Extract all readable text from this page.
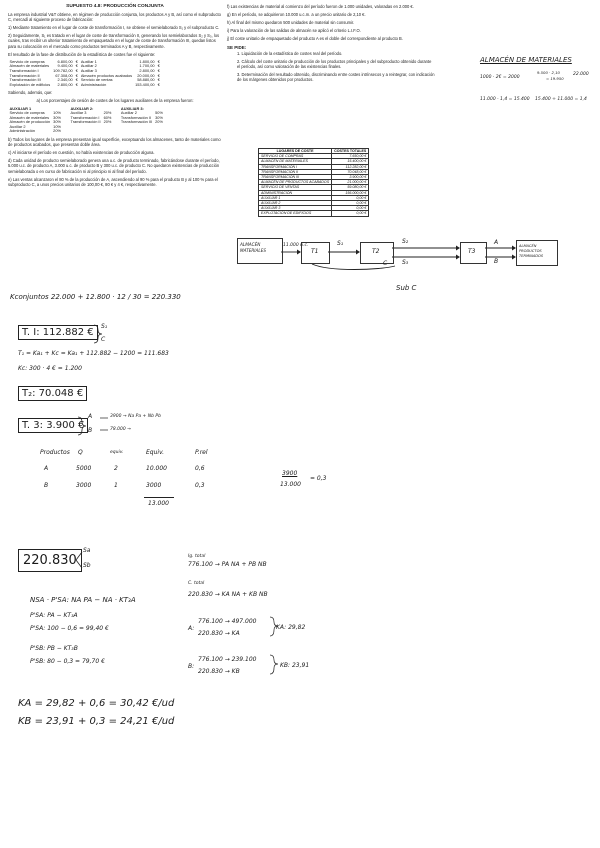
SUPUESTO 4.8: PRODUCCIÓN CONJUNTA

La empresa industrial V&T obtiene, en régimen de producción conjunta, los productos A y B, así como el subproducto C, mercadí al siguiente proceso de fabricación:

1) Mediante tratamiento en el lugar de coste de transformación I, se obtiene el semielaborado S₁ y el subproducto C.

2) Seguidamente, S₁ es tratado en el lugar de coste de transformación II, generando los semielaborados S₂ y S₃, los cuales, tras recibir un ulterior tratamiento de empaquetado en el lugar de coste de transformación III, quedan listos para su colocación en el mercado como productos terminados A y B, respectivamente.

El resultado de la fase de distribución de la estadística de costes fue el siguiente:

Servicio de compras	6.800,00	€	Auxiliar 1	1.800,00	€
Almacén de materiales	9.400,00	€	Auxiliar 2	1.700,00	€
Transformación I	109.782,00	€	Auxiliar 3	2.800,00	€
Transformación II	67.308,00	€	Almacén productos acabados	20.000,00	€
Transformación III	2.340,00	€	Servicio de ventas	58.880,00	€
Explotación de edificios	2.800,00	€	Administración	153.400,00	€

Sabiendo, además, que:

a) Los porcentajes de cesión de costes de los lugares auxiliares de la empresa fueron:

AUXILIAR 1		AUXILIAR 2:		AUXILIAR 3:	
Servicio de compras	10%	Auxiliar 3	20%	Auxiliar 2	50%
Almacén de materiales	30%	Transformación I	60%	Transformación II	30%
Almacén de producción	30%	Transformación II	20%	Transformación III	20%
Auxiliar 2	10%				
Administración	20%				

b) Todos los lugares de la empresa presentan igual superficie, exceptuando los almacenes, tanto de materiales como de productos acabados, que presentan doble área.

c) Al iniciarse el período en cuestión, no había existencias de producción alguna.

d) Cada unidad de producto semielaborado genera una u.c. de producto terminado, fabricándose durante el período, 5.000 u.c. de producto A, 3.000 u.c. de producto B y 300 u.c. de producto C. No quedaron existencias de producción semielaborada o en curso de fabricación ni al principio ni al final del período.

e) Las ventas alcanzaron el 80 % de la producción de A, ascendiendo al 90 % para el producto B y al 100 % para el subproducto C, a unos precios unitarios de 100,00 €, 80 € y 4 €, respectivamente.

f) Las existencias de material al comienzo del período fueron de 1.000 unidades, valoradas en 2.000 €.

g) En el período, se adquirieron 10.000 u.c.m. a un precio unitario de 2,10 €.

h) Al final del mismo quedaron 500 unidades de material sin consumir.

i) Para la valoración de las salidas de almacén se aplicó el criterio L.I.F.O.

j) El coste unitario de empaquetado del producto A es el doble del correspondiente al producto B.

SE PIDE:

1. Liquidación de la estadística de costes real del período.

2. Cálculo del coste unitario de producción de los productos principales y del subproducto obtenido durante el período, así como valoración de las existencias finales.

3. Determinación del resultado obtenido, discriminando entre costes intrínsecos y a reintegrar, con indicación de los márgenes obtenidos por productos.

LUGARES DE COSTE	COSTES TOTALES
SERVICIO DE COMPRAS	7.650,00 €
ALMACÉN DE MATERIALES	15.400,00 €
TRANSFORMACIÓN I	112.282,00 €
TRANSFORMACIÓN II	70.048,00 €
TRANSFORMACIÓN III	3.900,00 €
ALMACÉN DE PRODUCTOS ACABADOS	21.000,00 €
SERVICIO DE VENTAS	59.080,00 €
ADMINISTRACIÓN	156.000,00 €
AUXILIAR 1	0,00 €
AUXILIAR 2	0,00 €
AUXILIAR 3	0,00 €
EXPLOTACIÓN DE EDIFICIOS	0,00 €
ALMACÉN DE MATERIALES
1000 · 2€ = 2000
9.500 · 2,10
= 19.950
22.000
11.000 · 1,4 = 15.400 15.400 ÷ 11.000 = 1,4
ALMACÉN MATERIALES
11.000 u.c.
T1
S₁
T2
S₂
S₃
T3
A
B
ALMACÉN PRODUCTOS TERMINADOS
C
Sub C
Kconjuntos 22.000 + 12.800 · 12 / 30 = 220.330
T. I: 112.882 €
S₁
C
T₁ = Ka₁ + Kc = Ka₁ + 112.882 − 1200 = 111.683
Kc: 300 · 4 € = 1.200
T₂: 70.048 €
T. 3: 3.900 €
A
B
3900 → Na Pa + Nb Pb
78.000 →
Productos Q	equiv.	Equiv.	P.rel
A	5000	2	10.000	0,6
B	3000	1	3000	0,3
13.000
3900
13.000
= 0,3
220.830
Sa
Sb
NSA · P'SA: NA PA − NA · KT₃A
P'SA: PA − KT₃A
P'SA: 100 − 0,6 = 99,40 €
P'SB: PB − KT₃B
P'SB: 80 − 0,3 = 79,70 €
Ig. total
776.100 → PA NA + PB NB
C. total
220.830 → KA NA + KB NB
A:
776.100 → 497.000
220.830 → KA
KA: 29,82
B:
776.100 → 239.100
220.830 → KB
KB: 23,91
KA = 29,82 + 0,6 = 30,42 €/ud
KB = 23,91 + 0,3 = 24,21 €/ud
